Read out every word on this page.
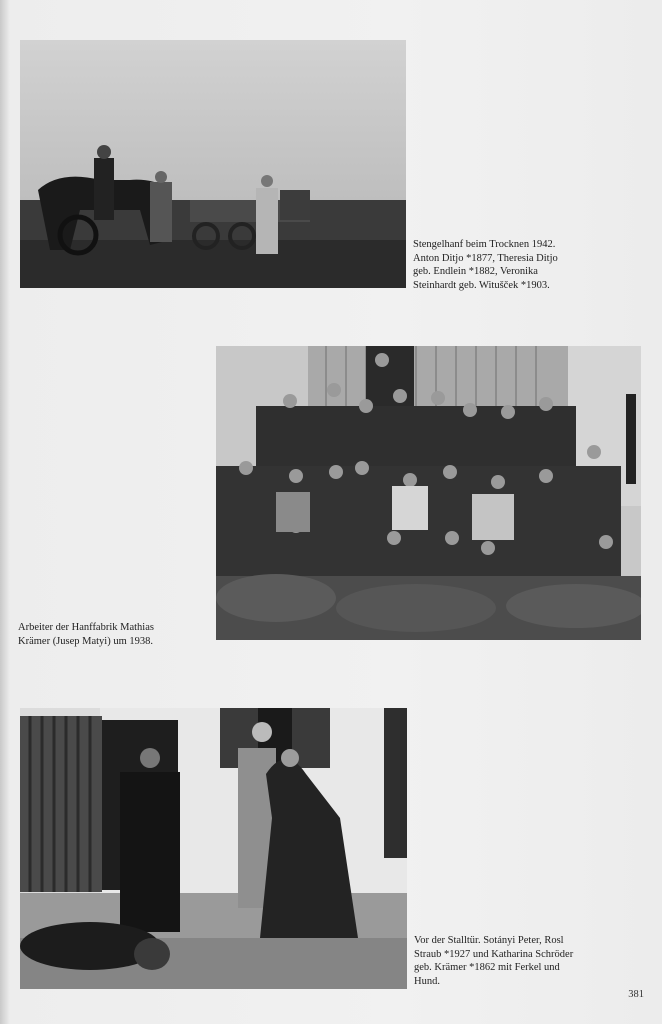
Stengelhanf beim Trocknen 1942.
Anton Ditjo *1877, Theresia Ditjo
geb. Endlein *1882, Veronika
Steinhardt geb. Witušček *1903.
Arbeiter der Hanffabrik Mathias
Krämer (Jusep Matyi) um 1938.
Vor der Stalltür. Sotányi Peter, Rosl
Straub *1927 und Katharina Schröder
geb. Krämer *1862 mit Ferkel und
Hund.
381
